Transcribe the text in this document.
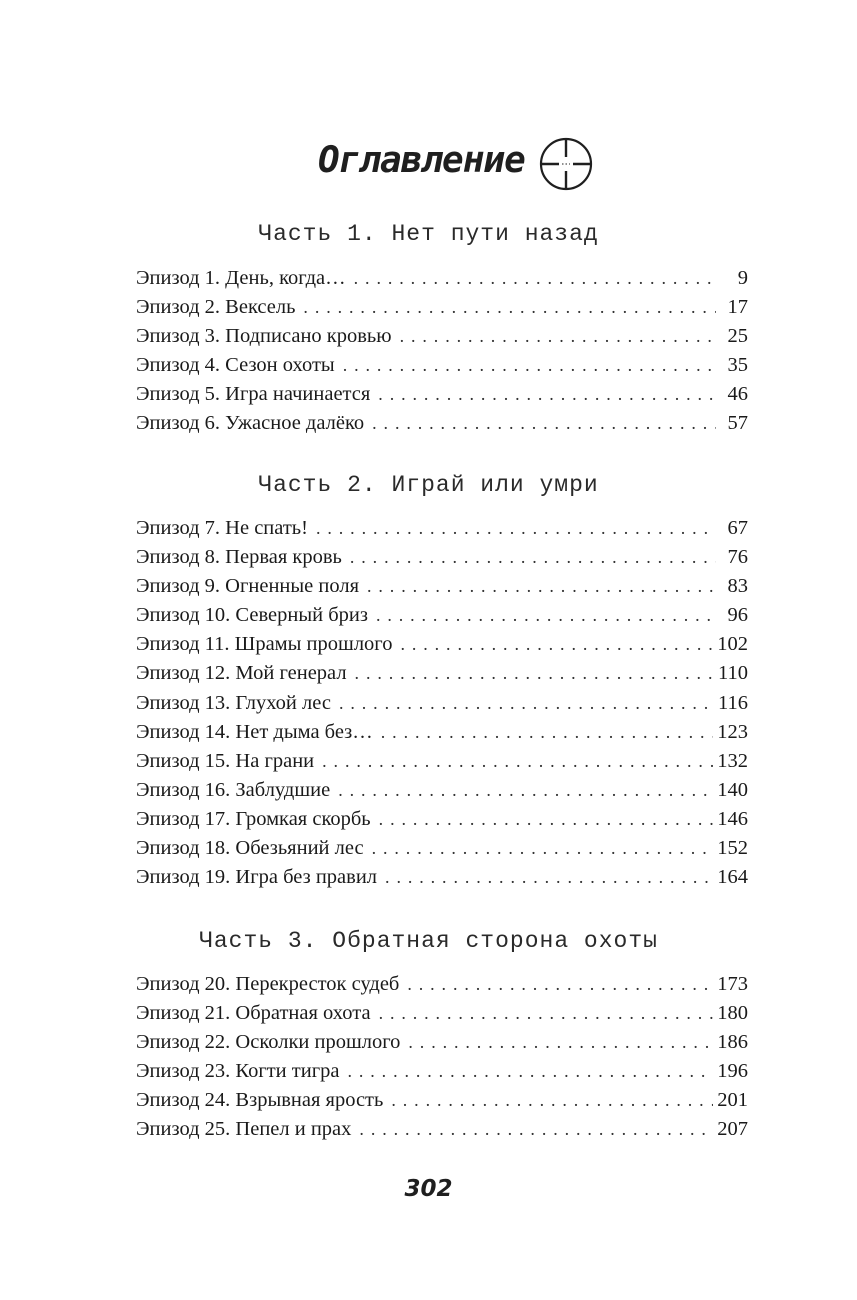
Оглавление
Часть 1. Нет пути назад
Эпизод 1. День, когда… . . .	9
Эпизод 2. Вексель . . .	17
Эпизод 3. Подписано кровью . . .	25
Эпизод 4. Сезон охоты . . .	35
Эпизод 5. Игра начинается . . .	46
Эпизод 6. Ужасное далёко . . .	57
Часть 2. Играй или умри
Эпизод 7. Не спать! . . .	67
Эпизод 8. Первая кровь . . .	76
Эпизод 9. Огненные поля . . .	83
Эпизод 10. Северный бриз . . .	96
Эпизод 11. Шрамы прошлого . . .	102
Эпизод 12. Мой генерал . . .	110
Эпизод 13. Глухой лес . . .	116
Эпизод 14. Нет дыма без… . . .	123
Эпизод 15. На грани . . .	132
Эпизод 16. Заблудшие . . .	140
Эпизод 17. Громкая скорбь . . .	146
Эпизод 18. Обезьяний лес . . .	152
Эпизод 19. Игра без правил . . .	164
Часть 3. Обратная сторона охоты
Эпизод 20. Перекресток судеб . . .	173
Эпизод 21. Обратная охота . . .	180
Эпизод 22. Осколки прошлого . . .	186
Эпизод 23. Когти тигра . . .	196
Эпизод 24. Взрывная ярость . . .	201
Эпизод 25. Пепел и прах . . .	207
302
